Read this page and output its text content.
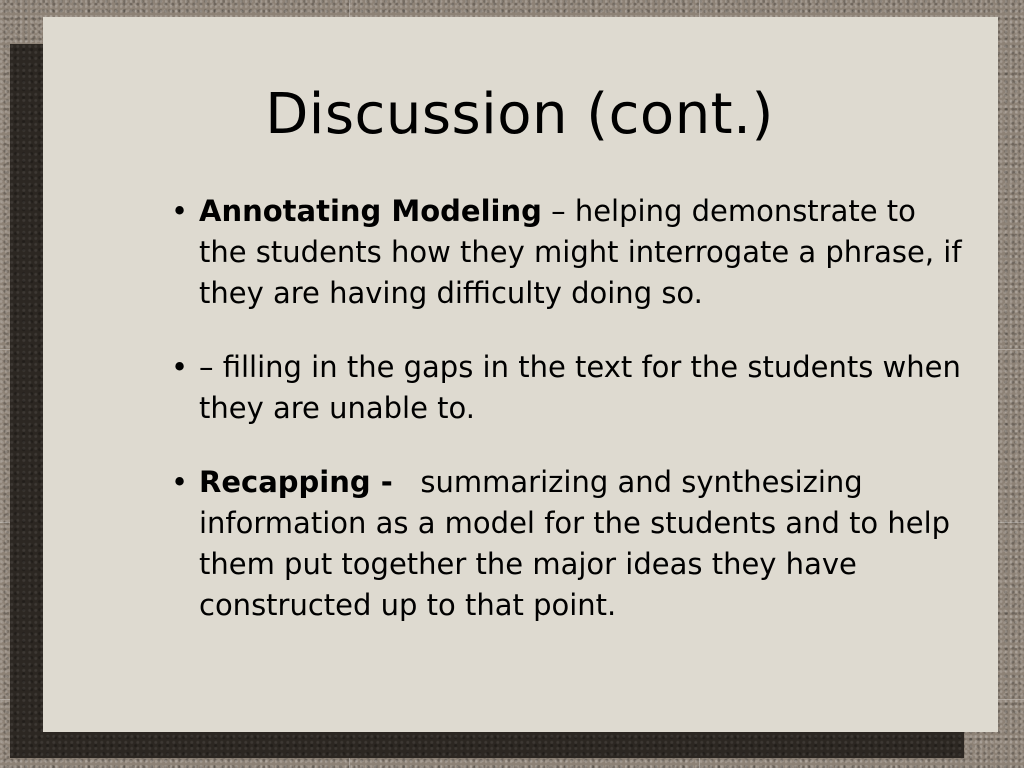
Discussion (cont.)
• Annotating Modeling – helping demonstrate to the students how they might interrogate a phrase, if they are having difficulty doing so.
• – filling in the gaps in the text for the students when they are unable to.
• Recapping -   summarizing and synthesizing information as a model for the students and to help them put together the major ideas they have constructed up to that point.
